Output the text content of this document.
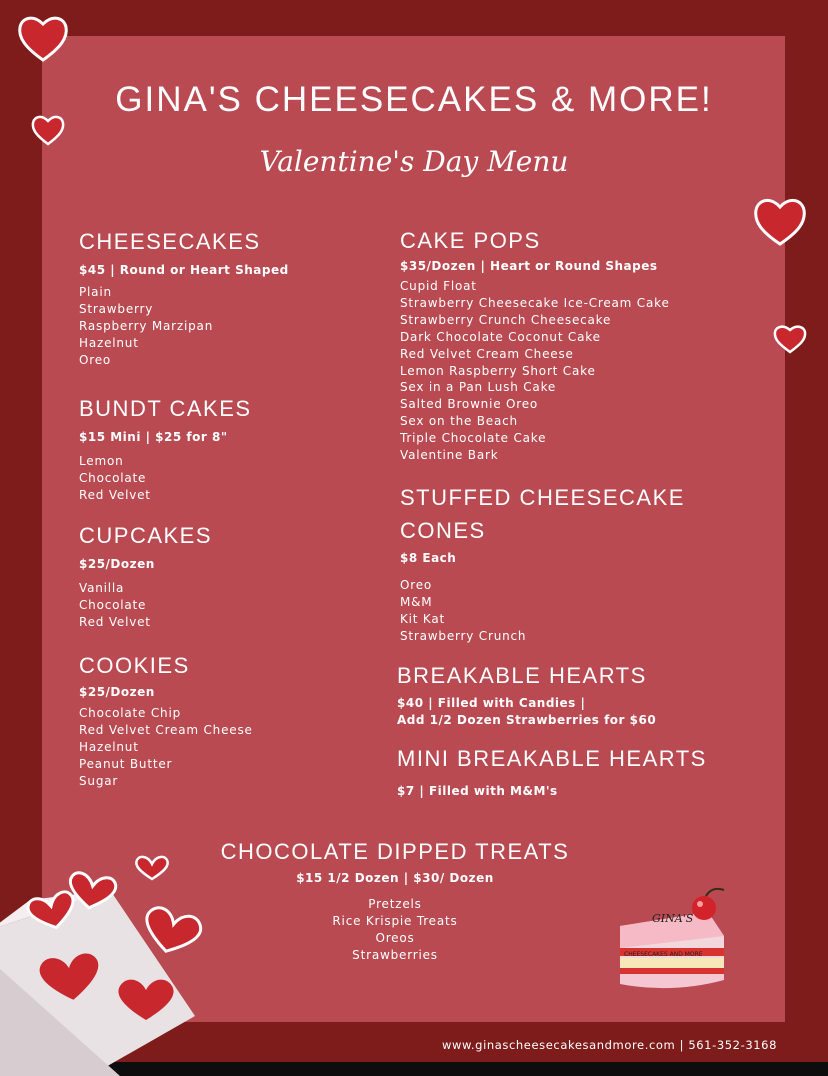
GINA'S
CHEESECAKES AND MORE
GINA'S CHEESECAKES & MORE!
Valentine's Day Menu
CHEESECAKES
$45 | Round or Heart Shaped
Plain
Strawberry
Raspberry Marzipan
Hazelnut
Oreo
BUNDT CAKES
$15 Mini | $25 for 8"
Lemon
Chocolate
Red Velvet
CUPCAKES
$25/Dozen
Vanilla
Chocolate
Red Velvet
COOKIES
$25/Dozen
Chocolate Chip
Red Velvet Cream Cheese
Hazelnut
Peanut Butter
Sugar
CAKE POPS
$35/Dozen | Heart or Round Shapes
Cupid Float
Strawberry Cheesecake Ice-Cream Cake
Strawberry Crunch Cheesecake
Dark Chocolate Coconut Cake
Red Velvet Cream Cheese
Lemon Raspberry Short Cake
Sex in a Pan Lush Cake
Salted Brownie Oreo
Sex on the Beach
Triple Chocolate Cake
Valentine Bark
STUFFED CHEESECAKE CONES
$8 Each
Oreo
M&M
Kit Kat
Strawberry Crunch
BREAKABLE HEARTS
$40 | Filled with Candies |
Add 1/2 Dozen Strawberries for $60
MINI BREAKABLE HEARTS
$7 | Filled with M&M's
CHOCOLATE DIPPED TREATS
$15 1/2 Dozen | $30/ Dozen
Pretzels
Rice Krispie Treats
Oreos
Strawberries
www.ginascheesecakesandmore.com | 561-352-3168
